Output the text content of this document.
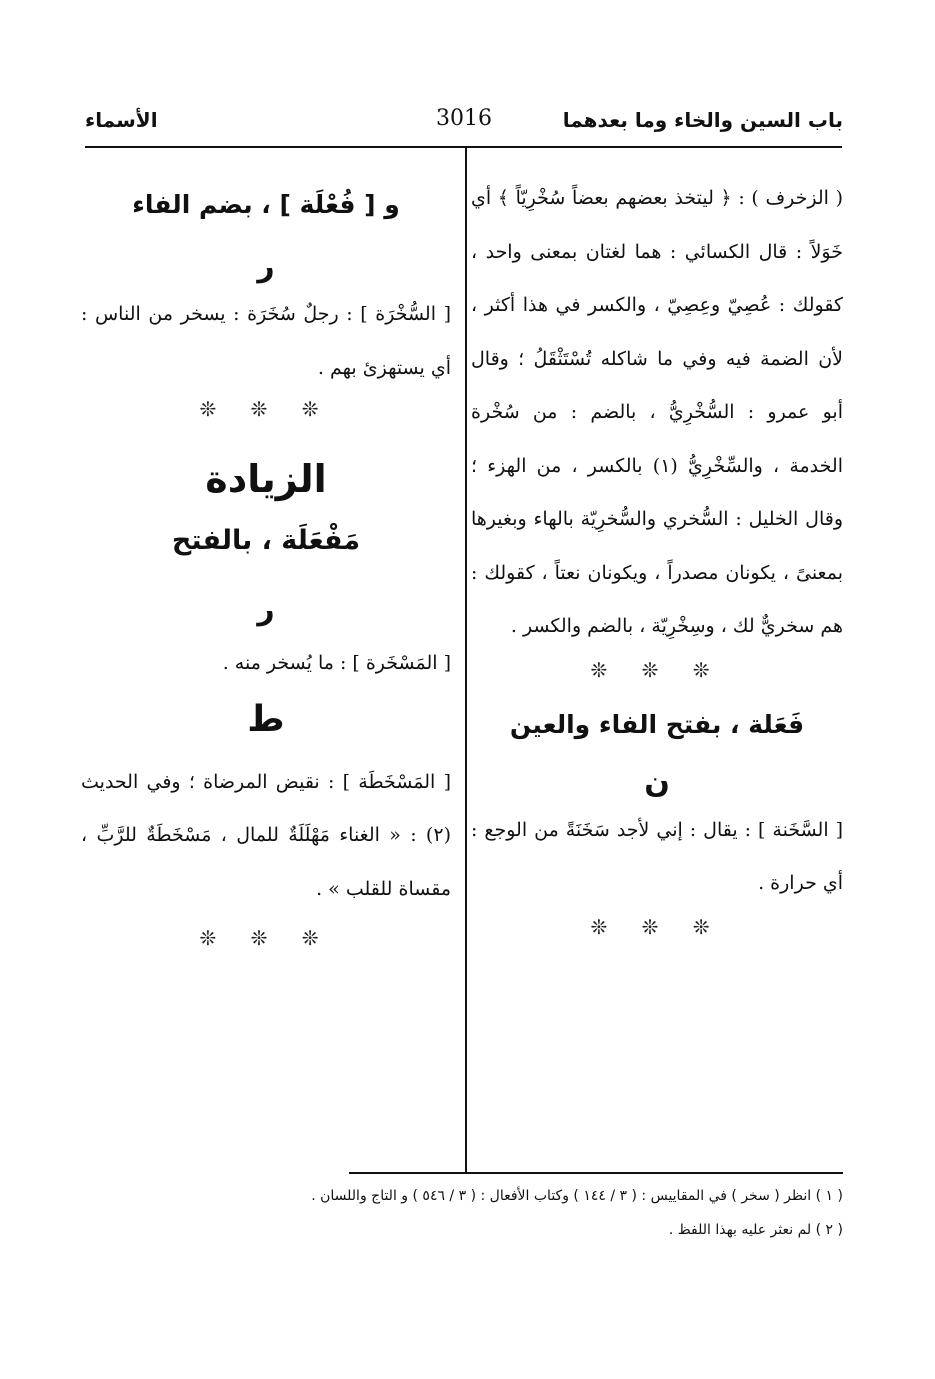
باب السين والخاء وما بعدهما
3016
الأسماء

( الزخرف ) : ﴿ ليتخذ بعضهم بعضاً سُخْرِيّاً ﴾ أي خَوَلاً : قال الكسائي : هما لغتان بمعنى واحد ، كقولك : عُصِيّ وعِصِيّ ، والكسر في هذا أكثر ، لأن الضمة فيه وفي ما شاكله تُسْتَثْقَلُ ؛ وقال أبو عمرو : السُّخْرِيُّ ، بالضم : من سُخْرة الخدمة ، والسِّخْرِيُّ (١) بالكسر ، من الهزء ؛ وقال الخليل : السُّخري والسُّخرِيّة بالهاء وبغيرها بمعنىً ، يكونان مصدراً ، ويكونان نعتاً ، كقولك : هم سخريٌّ لك ، وسِخْرِيّة ، بالضم والكسر .

❊ ❊ ❊
فَعَلة ، بفتح الفاء والعين
ن

[ السَّخَنة ] : يقال : إني لأجد سَخَنَةً من الوجع : أي حرارة .

❊ ❊ ❊
و [ فُعْلَة ] ، بضم الفاء
ر

[ السُّخْرَة ] : رجلٌ سُخَرَة : يسخر من الناس : أي يستهزئ بهم .

❊ ❊ ❊
الزيادة
مَفْعَلَة ، بالفتح
ر

[ المَسْخَرة ] : ما يُسخر منه .

ط

[ المَسْخَطَة ] : نقيض المرضاة ؛ وفي الحديث (٢) : « الغناء مَهْلَلَةٌ للمال ، مَسْخَطَةٌ للرَّبِّ ، مقساة للقلب » .

❊ ❊ ❊
( ١ ) انظر ( سخر ) في المقاييس : ( ٣ / ١٤٤ ) وكتاب الأفعال : ( ٣ / ٥٤٦ ) و التاج واللسان .
( ٢ ) لم نعثر عليه بهذا اللفظ .
